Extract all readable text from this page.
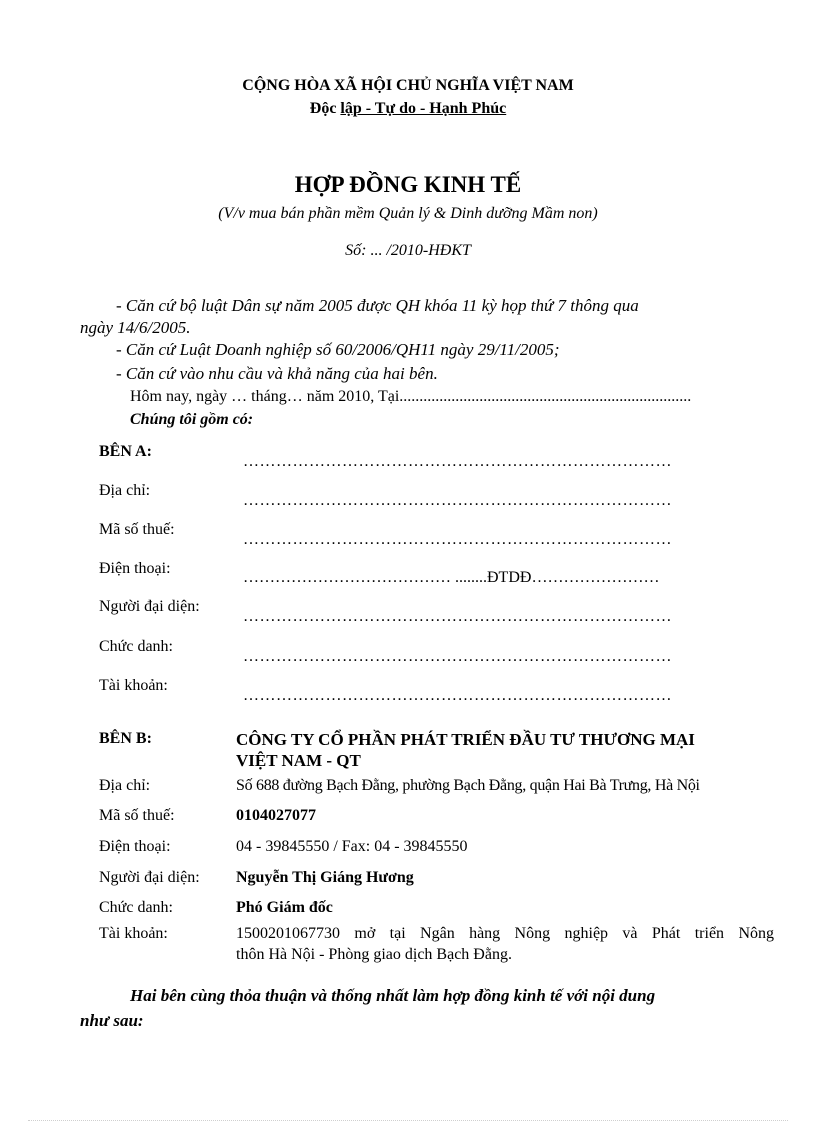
CỘNG HÒA XÃ HỘI CHỦ NGHĨA VIỆT NAM
Độc lập - Tự do - Hạnh Phúc
HỢP ĐỒNG KINH TẾ
(V/v mua bán phần mềm Quản lý & Dinh dưỡng Mầm non)
Số: ... /2010-HĐKT
- Căn cứ bộ luật Dân sự năm 2005 được QH khóa 11 kỳ họp thứ 7 thông qua
ngày 14/6/2005.
- Căn cứ Luật Doanh nghiệp số 60/2006/QH11 ngày 29/11/2005;
- Căn cứ vào nhu cầu và khả năng của hai bên.
Hôm nay, ngày … tháng… năm 2010, Tại.........................................................................
Chúng tôi gồm có:
BÊN A:
……………………………………………………………………
Địa chỉ:
……………………………………………………………………
Mã số thuế:
……………………………………………………………………
Điện thoại:
………………………………… ........ĐTDĐ……………………
Người đại diện:
……………………………………………………………………
Chức danh:
……………………………………………………………………
Tài khoản:
……………………………………………………………………
BÊN B:	CÔNG TY CỔ PHẦN PHÁT TRIỂN ĐẦU TƯ THƯƠNG MẠI
VIỆT NAM - QT
Địa chỉ:	Số 688 đường Bạch Đằng, phường Bạch Đằng, quận Hai Bà Trưng, Hà Nội
Mã số thuế:	0104027077
Điện thoại:	04 - 39845550 / Fax: 04 - 39845550
Người đại diện: Nguyễn Thị Giáng Hương
Chức danh:	Phó Giám đốc
Tài khoản:	1500201067730 mở tại Ngân hàng Nông nghiệp và Phát triển Nông
thôn Hà Nội - Phòng giao dịch Bạch Đằng.
Hai bên cùng thỏa thuận và thống nhất làm hợp đồng kinh tế với nội dung
như sau:
